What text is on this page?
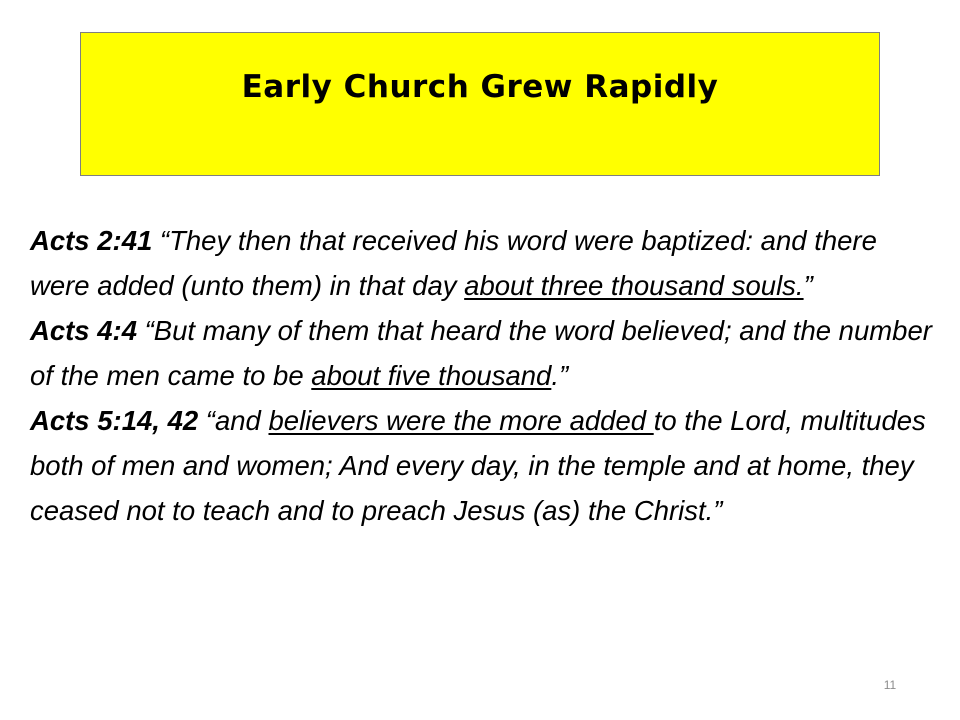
Early Church Grew Rapidly
Acts 2:41 “They then that received his word were baptized: and there were added (unto them) in that day about three thousand souls.”
Acts 4:4 “But many of them that heard the word believed; and the number of the men came to be about five thousand.”
Acts 5:14, 42 “and believers were the more added to the Lord, multitudes both of men and women; And every day, in the temple and at home, they ceased not to teach and to preach Jesus (as) the Christ.”
11
